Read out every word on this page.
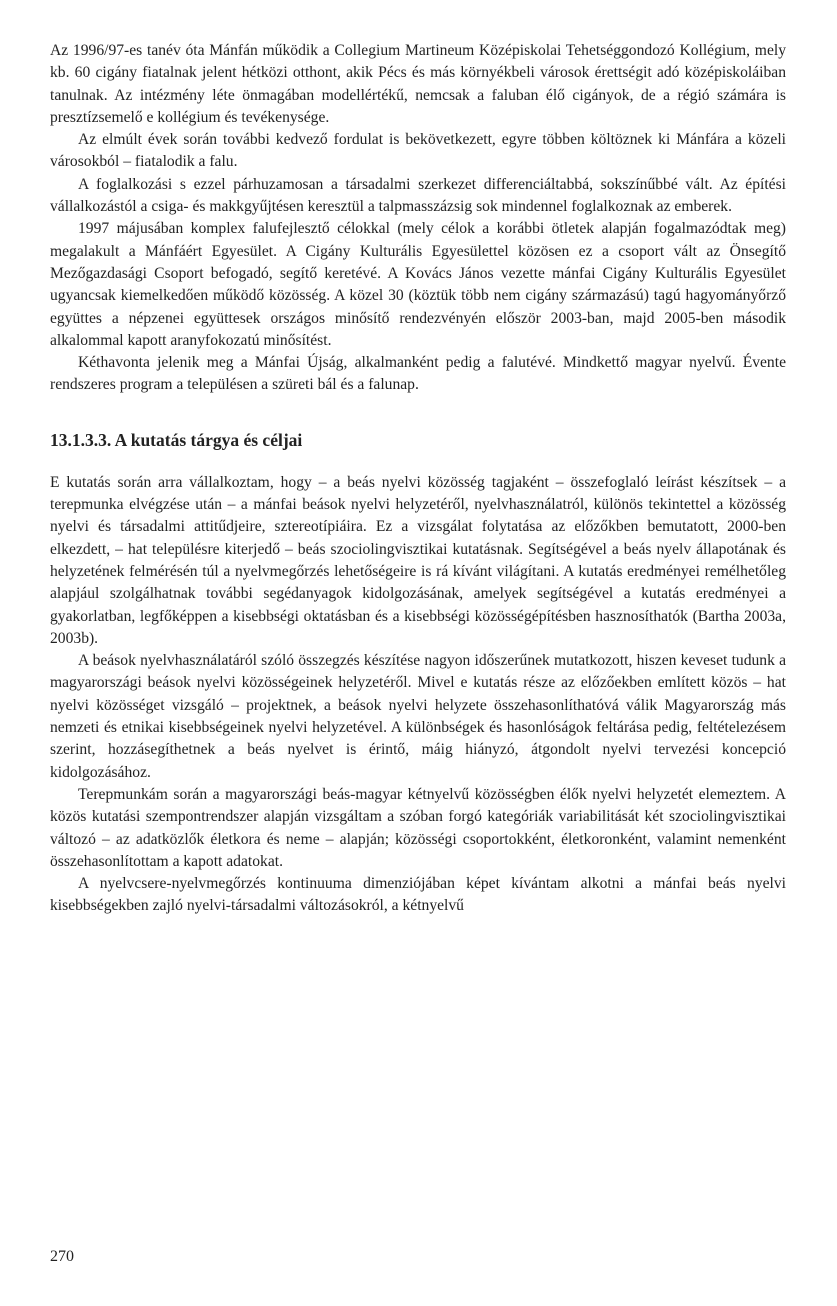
Az 1996/97-es tanév óta Mánfán működik a Collegium Martineum Középiskolai Tehetséggondozó Kollégium, mely kb. 60 cigány fiatalnak jelent hétközi otthont, akik Pécs és más környékbeli városok érettségit adó középiskoláiban tanulnak. Az intézmény léte önmagában modellértékű, nemcsak a faluban élő cigányok, de a régió számára is presztízsemelő e kollégium és tevékenysége.

Az elmúlt évek során további kedvező fordulat is bekövetkezett, egyre többen költöznek ki Mánfára a közeli városokból – fiatalodik a falu.

A foglalkozási s ezzel párhuzamosan a társadalmi szerkezet differenciáltabbá, sokszínűbbé vált. Az építési vállalkozástól a csiga- és makkgyűjtésen keresztül a talpmasszázsig sok mindennel foglalkoznak az emberek.

1997 májusában komplex falufejlesztő célokkal (mely célok a korábbi ötletek alapján fogalmazódtak meg) megalakult a Mánfáért Egyesület. A Cigány Kulturális Egyesülettel közösen ez a csoport vált az Önsegítő Mezőgazdasági Csoport befogadó, segítő keretévé. A Kovács János vezette mánfai Cigány Kulturális Egyesület ugyancsak kiemelkedően működő közösség. A közel 30 (köztük több nem cigány származású) tagú hagyományőrző együttes a népzenei együttesek országos minősítő rendezvényén először 2003-ban, majd 2005-ben második alkalommal kapott aranyfokozatú minősítést.

Kéthavonta jelenik meg a Mánfai Újság, alkalmanként pedig a falutévé. Mindkettő magyar nyelvű. Évente rendszeres program a településen a szüreti bál és a falunap.

13.1.3.3. A kutatás tárgya és céljai

E kutatás során arra vállalkoztam, hogy – a beás nyelvi közösség tagjaként – összefoglaló leírást készítsek – a terepmunka elvégzése után – a mánfai beások nyelvi helyzetéről, nyelvhasználatról, különös tekintettel a közösség nyelvi és társadalmi attitűdjeire, sztereotípiáira. Ez a vizsgálat folytatása az előzőkben bemutatott, 2000-ben elkezdett, – hat településre kiterjedő – beás szociolingvisztikai kutatásnak. Segítségével a beás nyelv állapotának és helyzetének felmérésén túl a nyelvmegőrzés lehetőségeire is rá kívánt világítani. A kutatás eredményei remélhetőleg alapjául szolgálhatnak további segédanyagok kidolgozásának, amelyek segítségével a kutatás eredményei a gyakorlatban, legfőképpen a kisebbségi oktatásban és a kisebbségi közösségépítésben hasznosíthatók (Bartha 2003a, 2003b).

A beások nyelvhasználatáról szóló összegzés készítése nagyon időszerűnek mutatkozott, hiszen keveset tudunk a magyarországi beások nyelvi közösségeinek helyzetéről. Mivel e kutatás része az előzőekben említett közös – hat nyelvi közösséget vizsgáló – projektnek, a beások nyelvi helyzete összehasonlíthatóvá válik Magyarország más nemzeti és etnikai kisebbségeinek nyelvi helyzetével. A különbségek és hasonlóságok feltárása pedig, feltételezésem szerint, hozzásegíthetnek a beás nyelvet is érintő, máig hiányzó, átgondolt nyelvi tervezési koncepció kidolgozásához.

Terepmunkám során a magyarországi beás-magyar kétnyelvű közösségben élők nyelvi helyzetét elemeztem. A közös kutatási szempontrendszer alapján vizsgáltam a szóban forgó kategóriák variabilitását két szociolingvisztikai változó – az adatközlők életkora és neme – alapján; közösségi csoportokként, életkoronként, valamint nemenként összehasonlítottam a kapott adatokat.

A nyelvcsere-nyelvmegőrzés kontinuuma dimenziójában képet kívántam alkotni a mánfai beás nyelvi kisebbségekben zajló nyelvi-társadalmi változásokról, a kétnyelvű

270
